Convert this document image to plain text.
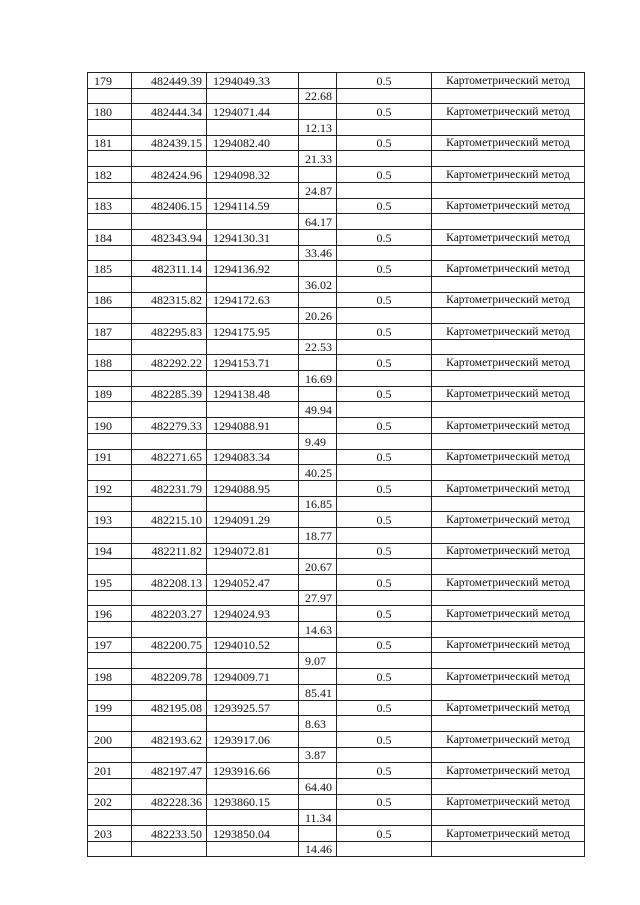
179	482449.39	1294049.33		0.5	Картометрический метод
			22.68		
180	482444.34	1294071.44		0.5	Картометрический метод
			12.13		
181	482439.15	1294082.40		0.5	Картометрический метод
			21.33		
182	482424.96	1294098.32		0.5	Картометрический метод
			24.87		
183	482406.15	1294114.59		0.5	Картометрический метод
			64.17		
184	482343.94	1294130.31		0.5	Картометрический метод
			33.46		
185	482311.14	1294136.92		0.5	Картометрический метод
			36.02		
186	482315.82	1294172.63		0.5	Картометрический метод
			20.26		
187	482295.83	1294175.95		0.5	Картометрический метод
			22.53		
188	482292.22	1294153.71		0.5	Картометрический метод
			16.69		
189	482285.39	1294138.48		0.5	Картометрический метод
			49.94		
190	482279.33	1294088.91		0.5	Картометрический метод
			9.49		
191	482271.65	1294083.34		0.5	Картометрический метод
			40.25		
192	482231.79	1294088.95		0.5	Картометрический метод
			16.85		
193	482215.10	1294091.29		0.5	Картометрический метод
			18.77		
194	482211.82	1294072.81		0.5	Картометрический метод
			20.67		
195	482208.13	1294052.47		0.5	Картометрический метод
			27.97		
196	482203.27	1294024.93		0.5	Картометрический метод
			14.63		
197	482200.75	1294010.52		0.5	Картометрический метод
			9.07		
198	482209.78	1294009.71		0.5	Картометрический метод
			85.41		
199	482195.08	1293925.57		0.5	Картометрический метод
			8.63		
200	482193.62	1293917.06		0.5	Картометрический метод
			3.87		
201	482197.47	1293916.66		0.5	Картометрический метод
			64.40		
202	482228.36	1293860.15		0.5	Картометрический метод
			11.34		
203	482233.50	1293850.04		0.5	Картометрический метод
			14.46		
